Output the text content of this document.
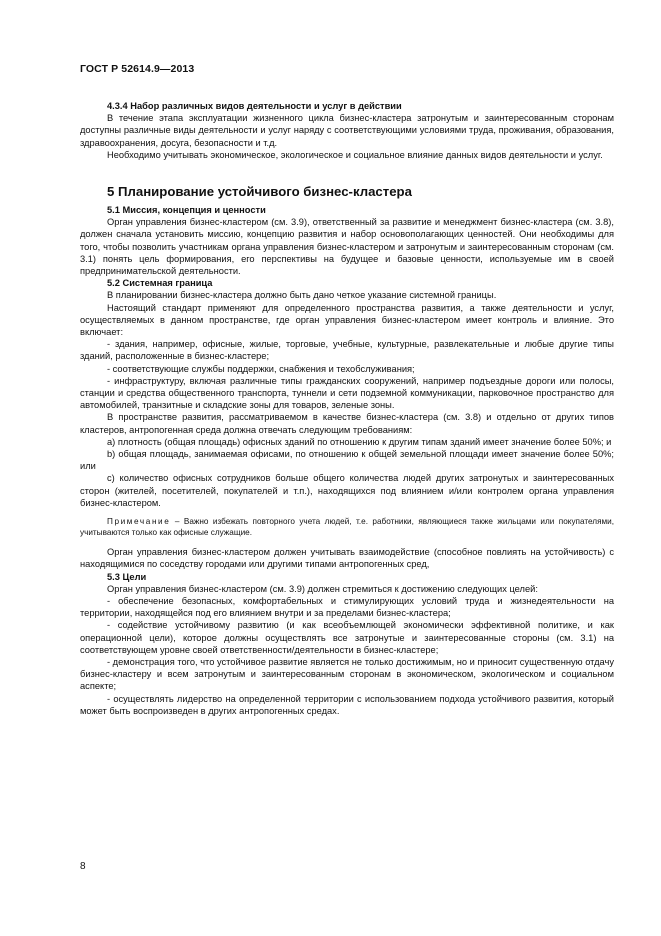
ГОСТ Р 52614.9—2013
4.3.4 Набор различных видов деятельности и услуг в действии

В течение этапа эксплуатации жизненного цикла бизнес-кластера затронутым и заинтересованным сторонам доступны различные виды деятельности и услуг наряду с соответствующими условиями труда, проживания, образования, здравоохранения, досуга, безопасности и т.д.

Необходимо учитывать экономическое, экологическое и социальное влияние данных видов деятельности и услуг.

5 Планирование устойчивого бизнес-кластера
5.1 Миссия, концепция и ценности

Орган управления бизнес-кластером (см. 3.9), ответственный за развитие и менеджмент бизнес-кластера (см. 3.8), должен сначала установить миссию, концепцию развития и набор основополагающих ценностей. Они необходимы для того, чтобы позволить участникам органа управления бизнес-кластером и затронутым и заинтересованным сторонам (см. 3.1) понять цель формирования, его перспективы на будущее и базовые ценности, используемые им в своей предпринимательской деятельности.

5.2 Системная граница

В планировании бизнес-кластера должно быть дано четкое указание системной границы.

Настоящий стандарт применяют для определенного пространства развития, а также деятельности и услуг, осуществляемых в данном пространстве, где орган управления бизнес-кластером имеет контроль и влияние. Это включает:

- здания, например, офисные, жилые, торговые, учебные, культурные, развлекательные и любые другие типы зданий, расположенные в бизнес-кластере;

- соответствующие службы поддержки, снабжения и техобслуживания;

- инфраструктуру, включая различные типы гражданских сооружений, например подъездные дороги или полосы, станции и средства общественного транспорта, туннели и сети подземной коммуникации, парковочное пространство для автомобилей, транзитные и складские зоны для товаров, зеленые зоны.

В пространстве развития, рассматриваемом в качестве бизнес-кластера (см. 3.8) и отдельно от других типов кластеров, антропогенная среда должна отвечать следующим требованиям:

a) плотность (общая площадь) офисных зданий по отношению к другим типам зданий имеет значение более 50%; и

b) общая площадь, занимаемая офисами, по отношению к общей земельной площади имеет значение более 50%; или

c) количество офисных сотрудников больше общего количества людей других затронутых и заинтересованных сторон (жителей, посетителей, покупателей и т.п.), находящихся под влиянием и/или контролем органа управления бизнес-кластером.

Примечание – Важно избежать повторного учета людей, т.е. работники, являющиеся также жильцами или покупателями, учитываются только как офисные служащие.

Орган управления бизнес-кластером должен учитывать взаимодействие (способное повлиять на устойчивость) с находящимися по соседству городами или другими типами антропогенных сред,

5.3 Цели

Орган управления бизнес-кластером (см. 3.9) должен стремиться к достижению следующих целей:

- обеспечение безопасных, комфортабельных и стимулирующих условий труда и жизнедеятельности на территории, находящейся под его влиянием внутри и за пределами бизнес-кластера;

- содействие устойчивому развитию (и как всеобъемлющей экономически эффективной политике, и как операционной цели), которое должны осуществлять все затронутые и заинтересованные стороны (см. 3.1) на соответствующем уровне своей ответственности/деятельности в бизнес-кластере;

- демонстрация того, что устойчивое развитие является не только достижимым, но и приносит существенную отдачу бизнес-кластеру и всем затронутым и заинтересованным сторонам в экономическом, экологическом и социальном аспекте;

- осуществлять лидерство на определенной территории с использованием подхода устойчивого развития, который может быть воспроизведен в других антропогенных средах.

8
